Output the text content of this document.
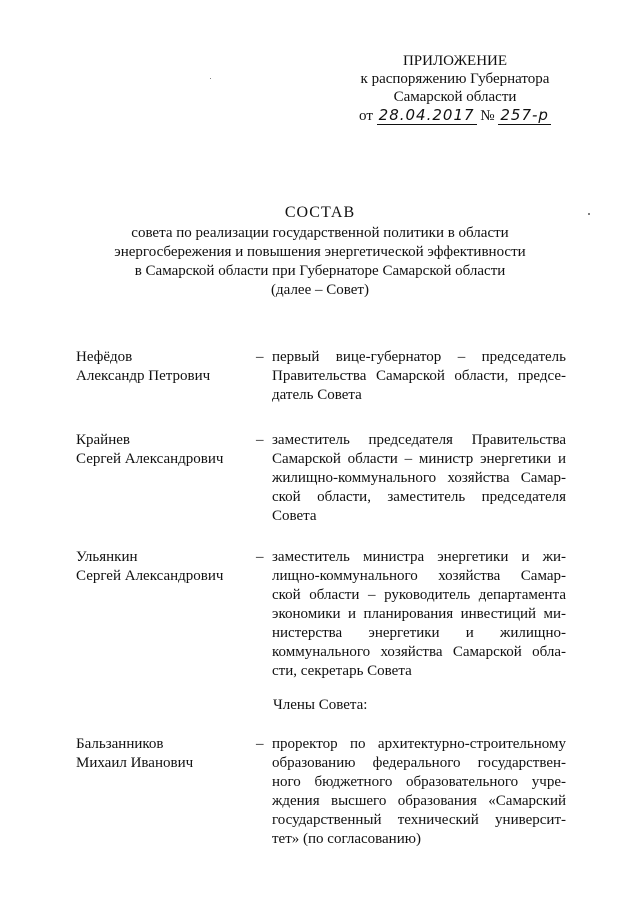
ПРИЛОЖЕНИЕ
к распоряжению Губернатора
Самарской области
от 28.04.2017 № 257-р
СОСТАВ
совета по реализации государственной политики в области
энергосбережения и повышения энергетической эффективности
в Самарской области при Губернаторе Самарской области
(далее – Совет)
Нефёдов
Александр Петрович
– первый вице-губернатор – председатель
Правительства Самарской области, предсе-
датель Совета
Крайнев
Сергей Александрович
– заместитель председателя Правительства
Самарской области – министр энергетики и
жилищно-коммунального хозяйства Самар-
ской области, заместитель председателя
Совета
Ульянкин
Сергей Александрович
– заместитель министра энергетики и жи-
лищно-коммунального хозяйства Самар-
ской области – руководитель департамента
экономики и планирования инвестиций ми-
нистерства энергетики и жилищно-
коммунального хозяйства Самарской обла-
сти, секретарь Совета
Члены Совета:
Бальзанников
Михаил Иванович
– проректор по архитектурно-строительному
образованию федерального государствен-
ного бюджетного образовательного учре-
ждения высшего образования «Самарский
государственный технический университ-
тет» (по согласованию)
